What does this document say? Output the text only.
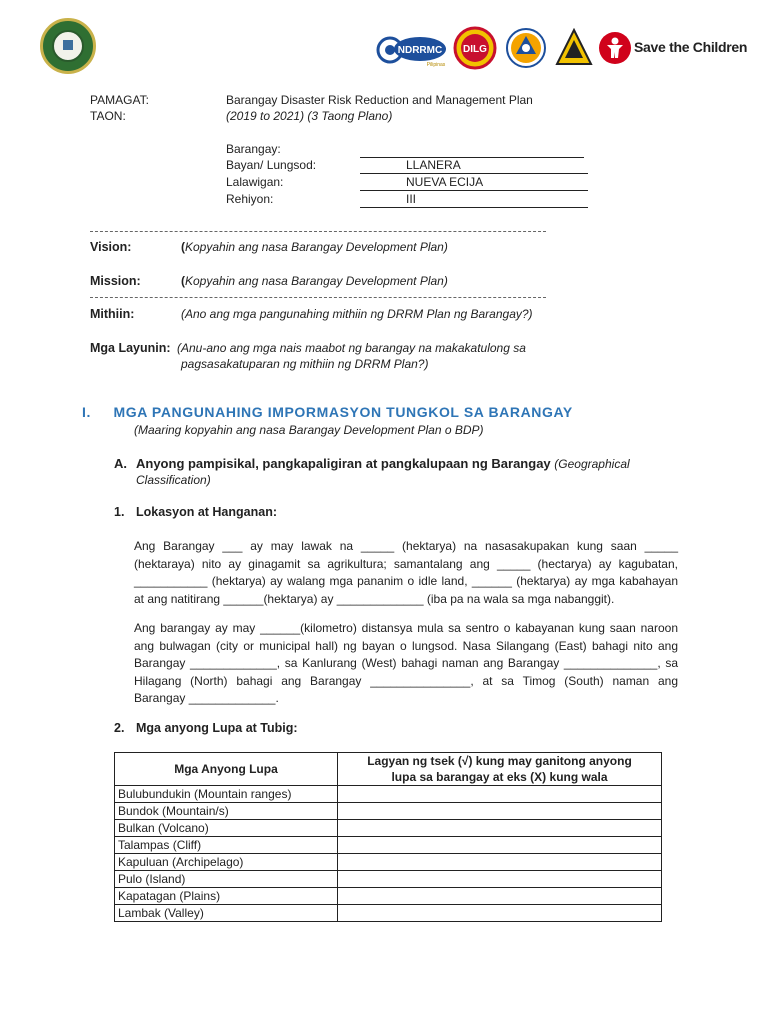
NDRRMC
Pilipinas
DILG	Save the Children
PAMAGAT:	Barangay Disaster Risk Reduction and Management Plan
TAON:	(2019 to 2021) (3 Taong Plano)
Barangay:
Bayan/ Lungsod:	LLANERA
Lalawigan:	NUEVA ECIJA
Rehiyon:	III
Vision:	(Kopyahin ang nasa Barangay Development Plan)
Mission:	(Kopyahin ang nasa Barangay Development Plan)
Mithiin:	(Ano ang mga pangunahing mithiin ng DRRM Plan ng Barangay?)
Mga Layunin: (Anu-ano ang mga nais maabot ng barangay na makakatulong sa
pagsasakatuparan ng mithiin ng DRRM Plan?)
I. MGA PANGUNAHING IMPORMASYON TUNGKOL SA BARANGAY
(Maaring kopyahin ang nasa Barangay Development Plan o BDP)
A. Anyong pampisikal, pangkapaligiran at pangkalupaan ng Barangay (Geographical
Classification)
1. Lokasyon at Hanganan:
Ang Barangay ___ ay may lawak na _____ (hektarya) na nasasakupakan kung saan _____
(hektaraya) nito ay ginagamit sa agrikultura; samantalang ang _____ (hectarya) ay kagubatan,
___________ (hektarya) ay walang mga pananim o idle land, ______ (hektarya) ay mga kabahayan
at ang natitirang ______(hektarya) ay _____________ (iba pa na wala sa mga nabanggit).
Ang barangay ay may ______(kilometro) distansya mula sa sentro o kabayanan kung saan naroon
ang bulwagan (city or municipal hall) ng bayan o lungsod. Nasa Silangang (East) bahagi nito ang
Barangay _____________, sa Kanlurang (West) bahagi naman ang Barangay ______________, sa
Hilagang (North) bahagi ang Barangay _______________, at sa Timog (South) naman ang
Barangay _____________.
2. Mga anyong Lupa at Tubig:
Mga Anyong Lupa	Lagyan ng tsek (√) kung may ganitong anyong
lupa sa barangay at eks (X) kung wala
Bulubundukin (Mountain ranges)	
Bundok (Mountain/s)	
Bulkan (Volcano)	
Talampas (Cliff)	
Kapuluan (Archipelago)	
Pulo (Island)	
Kapatagan (Plains)	
Lambak (Valley)	
